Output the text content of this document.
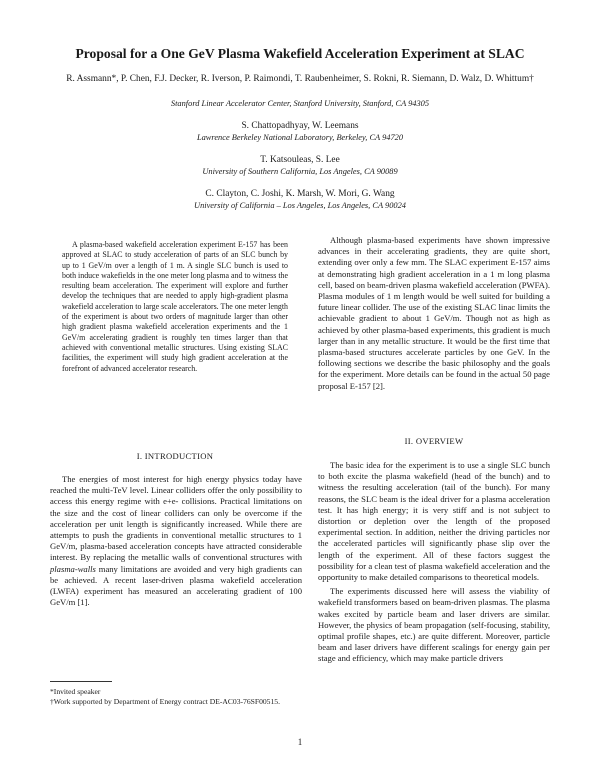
Proposal for a One GeV Plasma Wakefield Acceleration Experiment at SLAC
R. Assmann*, P. Chen, F.J. Decker, R. Iverson, P. Raimondi, T. Raubenheimer, S. Rokni, R. Siemann, D. Walz, D. Whittum†
Stanford Linear Accelerator Center, Stanford University, Stanford, CA 94305
S. Chattopadhyay, W. Leemans
Lawrence Berkeley National Laboratory, Berkeley, CA 94720
T. Katsouleas, S. Lee
University of Southern California, Los Angeles, CA 90089
C. Clayton, C. Joshi, K. Marsh, W. Mori, G. Wang
University of California – Los Angeles, Los Angeles, CA 90024

A plasma-based wakefield acceleration experiment E-157 has been approved at SLAC to study acceleration of parts of an SLC bunch by up to 1 GeV/m over a length of 1 m. A single SLC bunch is used to both induce wakefields in the one meter long plasma and to witness the resulting beam acceleration. The experiment will explore and further develop the techniques that are needed to apply high-gradient plasma wakefield acceleration to large scale accelerators. The one meter length of the experiment is about two orders of magnitude larger than other high gradient plasma wakefield acceleration experiments and the 1 GeV/m accelerating gradient is roughly ten times larger than that achieved with conventional metallic structures. Using existing SLAC facilities, the experiment will study high gradient acceleration at the forefront of advanced accelerator research.

I. INTRODUCTION

The energies of most interest for high energy physics today have reached the multi-TeV level. Linear colliders offer the only possibility to access this energy regime with e+e- collisions. Practical limitations on the size and the cost of linear colliders can only be overcome if the acceleration per unit length is significantly increased. While there are attempts to push the gradients in conventional metallic structures to 1 GeV/m, plasma-based acceleration concepts have attracted considerable interest. By replacing the metallic walls of conventional structures with plasma-walls many limitations are avoided and very high gradients can be achieved. A recent laser-driven plasma wakefield acceleration (LWFA) experiment has measured an accelerating gradient of 100 GeV/m [1].

*Invited speaker
†Work supported by Department of Energy contract DE-AC03-76SF00515.

Although plasma-based experiments have shown impressive advances in their accelerating gradients, they are quite short, extending over only a few mm. The SLAC experiment E-157 aims at demonstrating high gradient acceleration in a 1 m long plasma cell, based on beam-driven plasma wakefield acceleration (PWFA). Plasma modules of 1 m length would be well suited for building a future linear collider. The use of the existing SLAC linac limits the achievable gradient to about 1 GeV/m. Though not as high as achieved by other plasma-based experiments, this gradient is much larger than in any metallic structure. It would be the first time that plasma-based structures accelerate particles by one GeV. In the following sections we describe the basic philosophy and the goals for the experiment. More details can be found in the actual 50 page proposal E-157 [2].

II. OVERVIEW

The basic idea for the experiment is to use a single SLC bunch to both excite the plasma wakefield (head of the bunch) and to witness the resulting acceleration (tail of the bunch). For many reasons, the SLC beam is the ideal driver for a plasma acceleration test. It has high energy; it is very stiff and is not subject to distortion or depletion over the length of the proposed experimental section. In addition, neither the driving particles nor the accelerated particles will significantly phase slip over the length of the experiment. All of these factors suggest the possibility for a clean test of plasma wakefield acceleration and the opportunity to make detailed comparisons to theoretical models.

The experiments discussed here will assess the viability of wakefield transformers based on beam-driven plasmas. The plasma wakes excited by particle beam and laser drivers are similar. However, the physics of beam propagation (self-focusing, stability, optimal profile shapes, etc.) are quite different. Moreover, particle beam and laser drivers have different scalings for energy gain per stage and efficiency, which may make particle drivers

1
